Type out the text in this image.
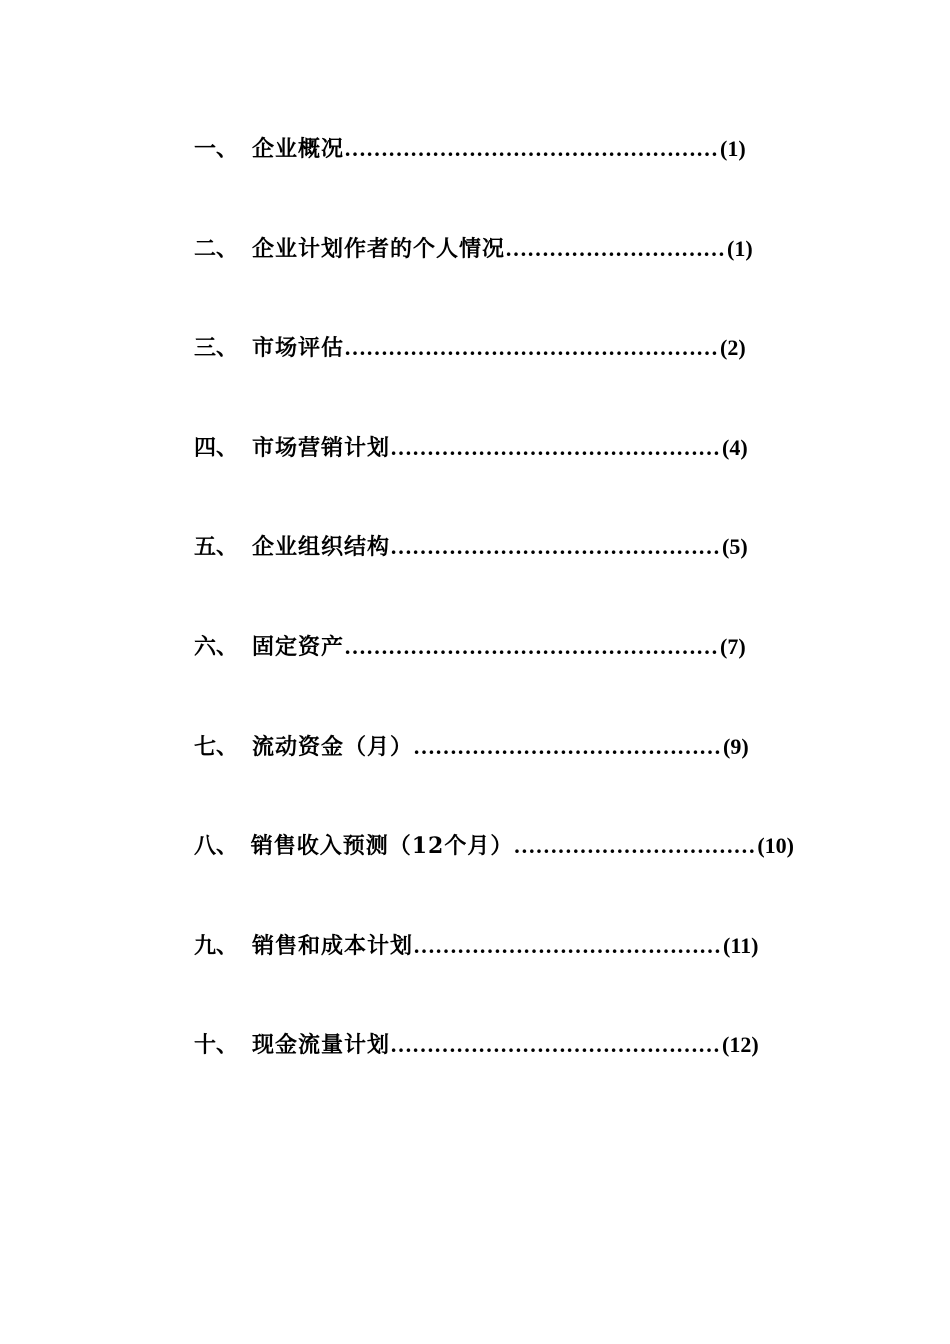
一、 企业概况 …………………………………………… (1)
二、 企业计划作者的个人情况 ………………………… (1)
三、 市场评估 …………………………………………… (2)
四、 市场营销计划 ……………………………………… (4)
五、 企业组织结构 ……………………………………… (5)
六、 固定资产 …………………………………………… (7)
七、 流动资金（月） …………………………………… (9)
八、 销售收入预测（12个月） …………………………… (10)
九、 销售和成本计划 …………………………………… (11)
十、 现金流量计划 ……………………………………… (12)
